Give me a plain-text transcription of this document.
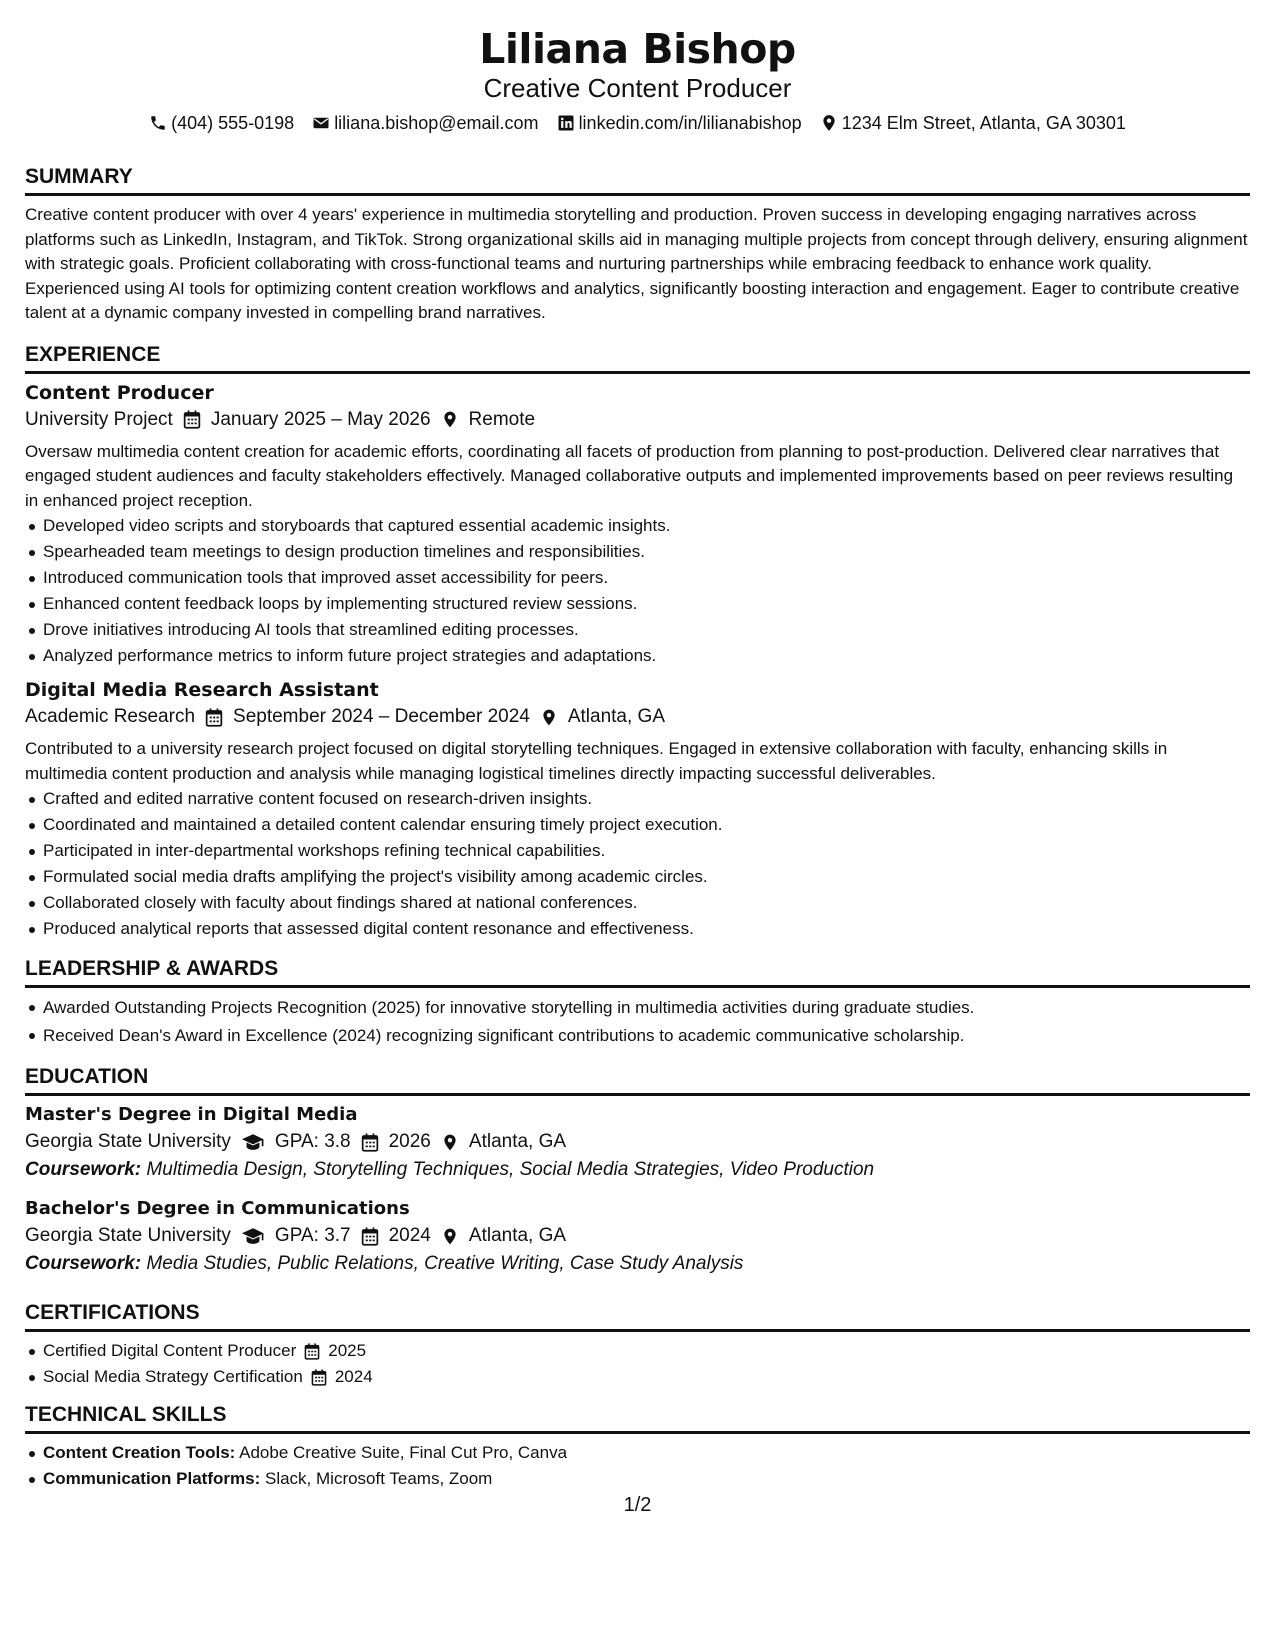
Liliana Bishop
Creative Content Producer
(404) 555-0198 liliana.bishop@email.com linkedin.com/in/lilianabishop 1234 Elm Street, Atlanta, GA 30301
SUMMARY
Creative content producer with over 4 years' experience in multimedia storytelling and production. Proven success in developing engaging narratives across platforms such as LinkedIn, Instagram, and TikTok. Strong organizational skills aid in managing multiple projects from concept through delivery, ensuring alignment with strategic goals. Proficient collaborating with cross-functional teams and nurturing partnerships while embracing feedback to enhance work quality. Experienced using AI tools for optimizing content creation workflows and analytics, significantly boosting interaction and engagement. Eager to contribute creative talent at a dynamic company invested in compelling brand narratives.
EXPERIENCE
Content Producer
University Project January 2025 – May 2026 Remote
Oversaw multimedia content creation for academic efforts, coordinating all facets of production from planning to post-production. Delivered clear narratives that engaged student audiences and faculty stakeholders effectively. Managed collaborative outputs and implemented improvements based on peer reviews resulting in enhanced project reception.
Developed video scripts and storyboards that captured essential academic insights.
Spearheaded team meetings to design production timelines and responsibilities.
Introduced communication tools that improved asset accessibility for peers.
Enhanced content feedback loops by implementing structured review sessions.
Drove initiatives introducing AI tools that streamlined editing processes.
Analyzed performance metrics to inform future project strategies and adaptations.
Digital Media Research Assistant
Academic Research September 2024 – December 2024 Atlanta, GA
Contributed to a university research project focused on digital storytelling techniques. Engaged in extensive collaboration with faculty, enhancing skills in multimedia content production and analysis while managing logistical timelines directly impacting successful deliverables.
Crafted and edited narrative content focused on research-driven insights.
Coordinated and maintained a detailed content calendar ensuring timely project execution.
Participated in inter-departmental workshops refining technical capabilities.
Formulated social media drafts amplifying the project's visibility among academic circles.
Collaborated closely with faculty about findings shared at national conferences.
Produced analytical reports that assessed digital content resonance and effectiveness.
LEADERSHIP & AWARDS
Awarded Outstanding Projects Recognition (2025) for innovative storytelling in multimedia activities during graduate studies.
Received Dean's Award in Excellence (2024) recognizing significant contributions to academic communicative scholarship.
EDUCATION
Master's Degree in Digital Media
Georgia State University GPA: 3.8 2026 Atlanta, GA
Coursework: Multimedia Design, Storytelling Techniques, Social Media Strategies, Video Production
Bachelor's Degree in Communications
Georgia State University GPA: 3.7 2024 Atlanta, GA
Coursework: Media Studies, Public Relations, Creative Writing, Case Study Analysis
CERTIFICATIONS
Certified Digital Content Producer 2025
Social Media Strategy Certification 2024
TECHNICAL SKILLS
Content Creation Tools: Adobe Creative Suite, Final Cut Pro, Canva
Communication Platforms: Slack, Microsoft Teams, Zoom
1/2
